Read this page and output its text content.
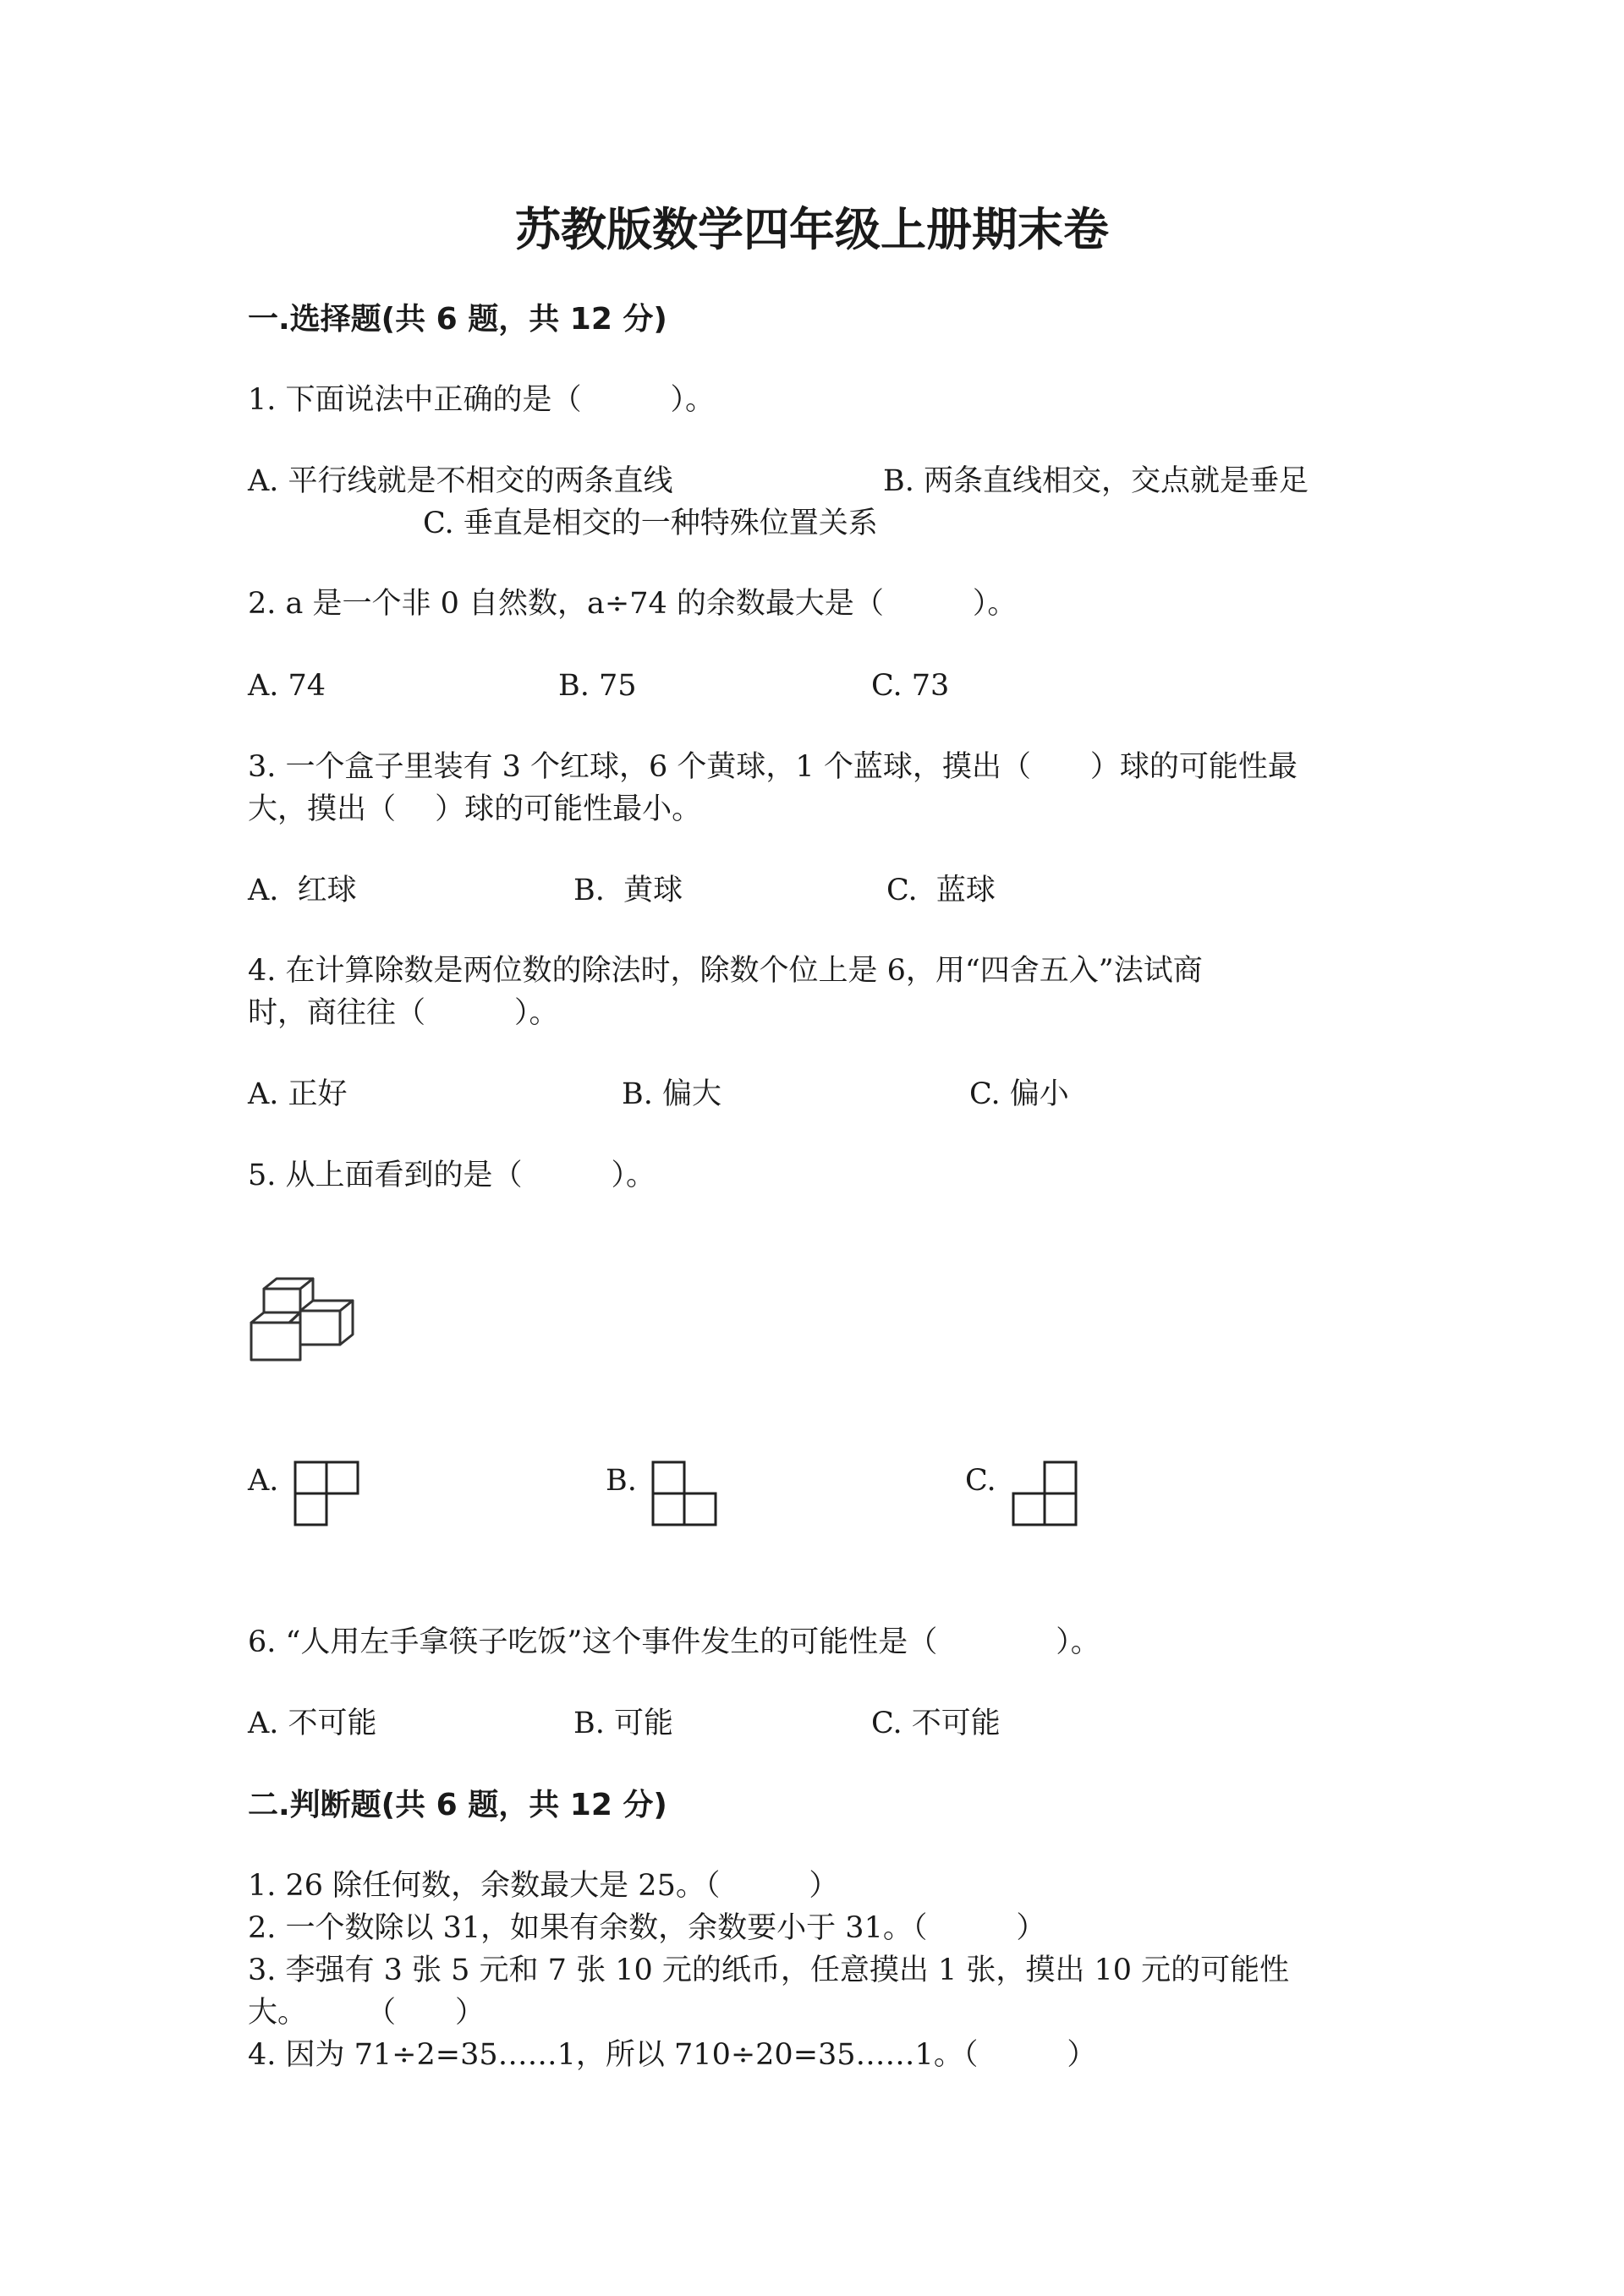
苏教版数学四年级上册期末卷
一.选择题(共 6 题，共 12 分)
1. 下面说法中正确的是（　　　）。
A. 平行线就是不相交的两条直线	B. 两条直线相交，交点就是垂足
C. 垂直是相交的一种特殊位置关系
2. a 是一个非 0 自然数，a÷74 的余数最大是（　　　）。
A. 74	B. 75	C. 73
3. 一个盒子里装有 3 个红球，6 个黄球，1 个蓝球，摸出（　　）球的可能性最
大，摸出（　 ）球的可能性最小。
A.  红球	B.  黄球	C.  蓝球
4. 在计算除数是两位数的除法时，除数个位上是 6，用“四舍五入”法试商
时，商往往（　　　）。
A. 正好	B. 偏大	C. 偏小
5. 从上面看到的是（　　　）。
A.	B.	C.
6. “人用左手拿筷子吃饭”这个事件发生的可能性是（　　　　）。
A. 不可能	B. 可能	C. 不可能
二.判断题(共 6 题，共 12 分)
1. 26 除任何数，余数最大是 25。（　　　）
2. 一个数除以 31，如果有余数，余数要小于 31。（　　　）
3. 李强有 3 张 5 元和 7 张 10 元的纸币，任意摸出 1 张，摸出 10 元的可能性
大。　　　（　　）
4. 因为 71÷2=35……1，所以 710÷20=35……1。（　　　）
